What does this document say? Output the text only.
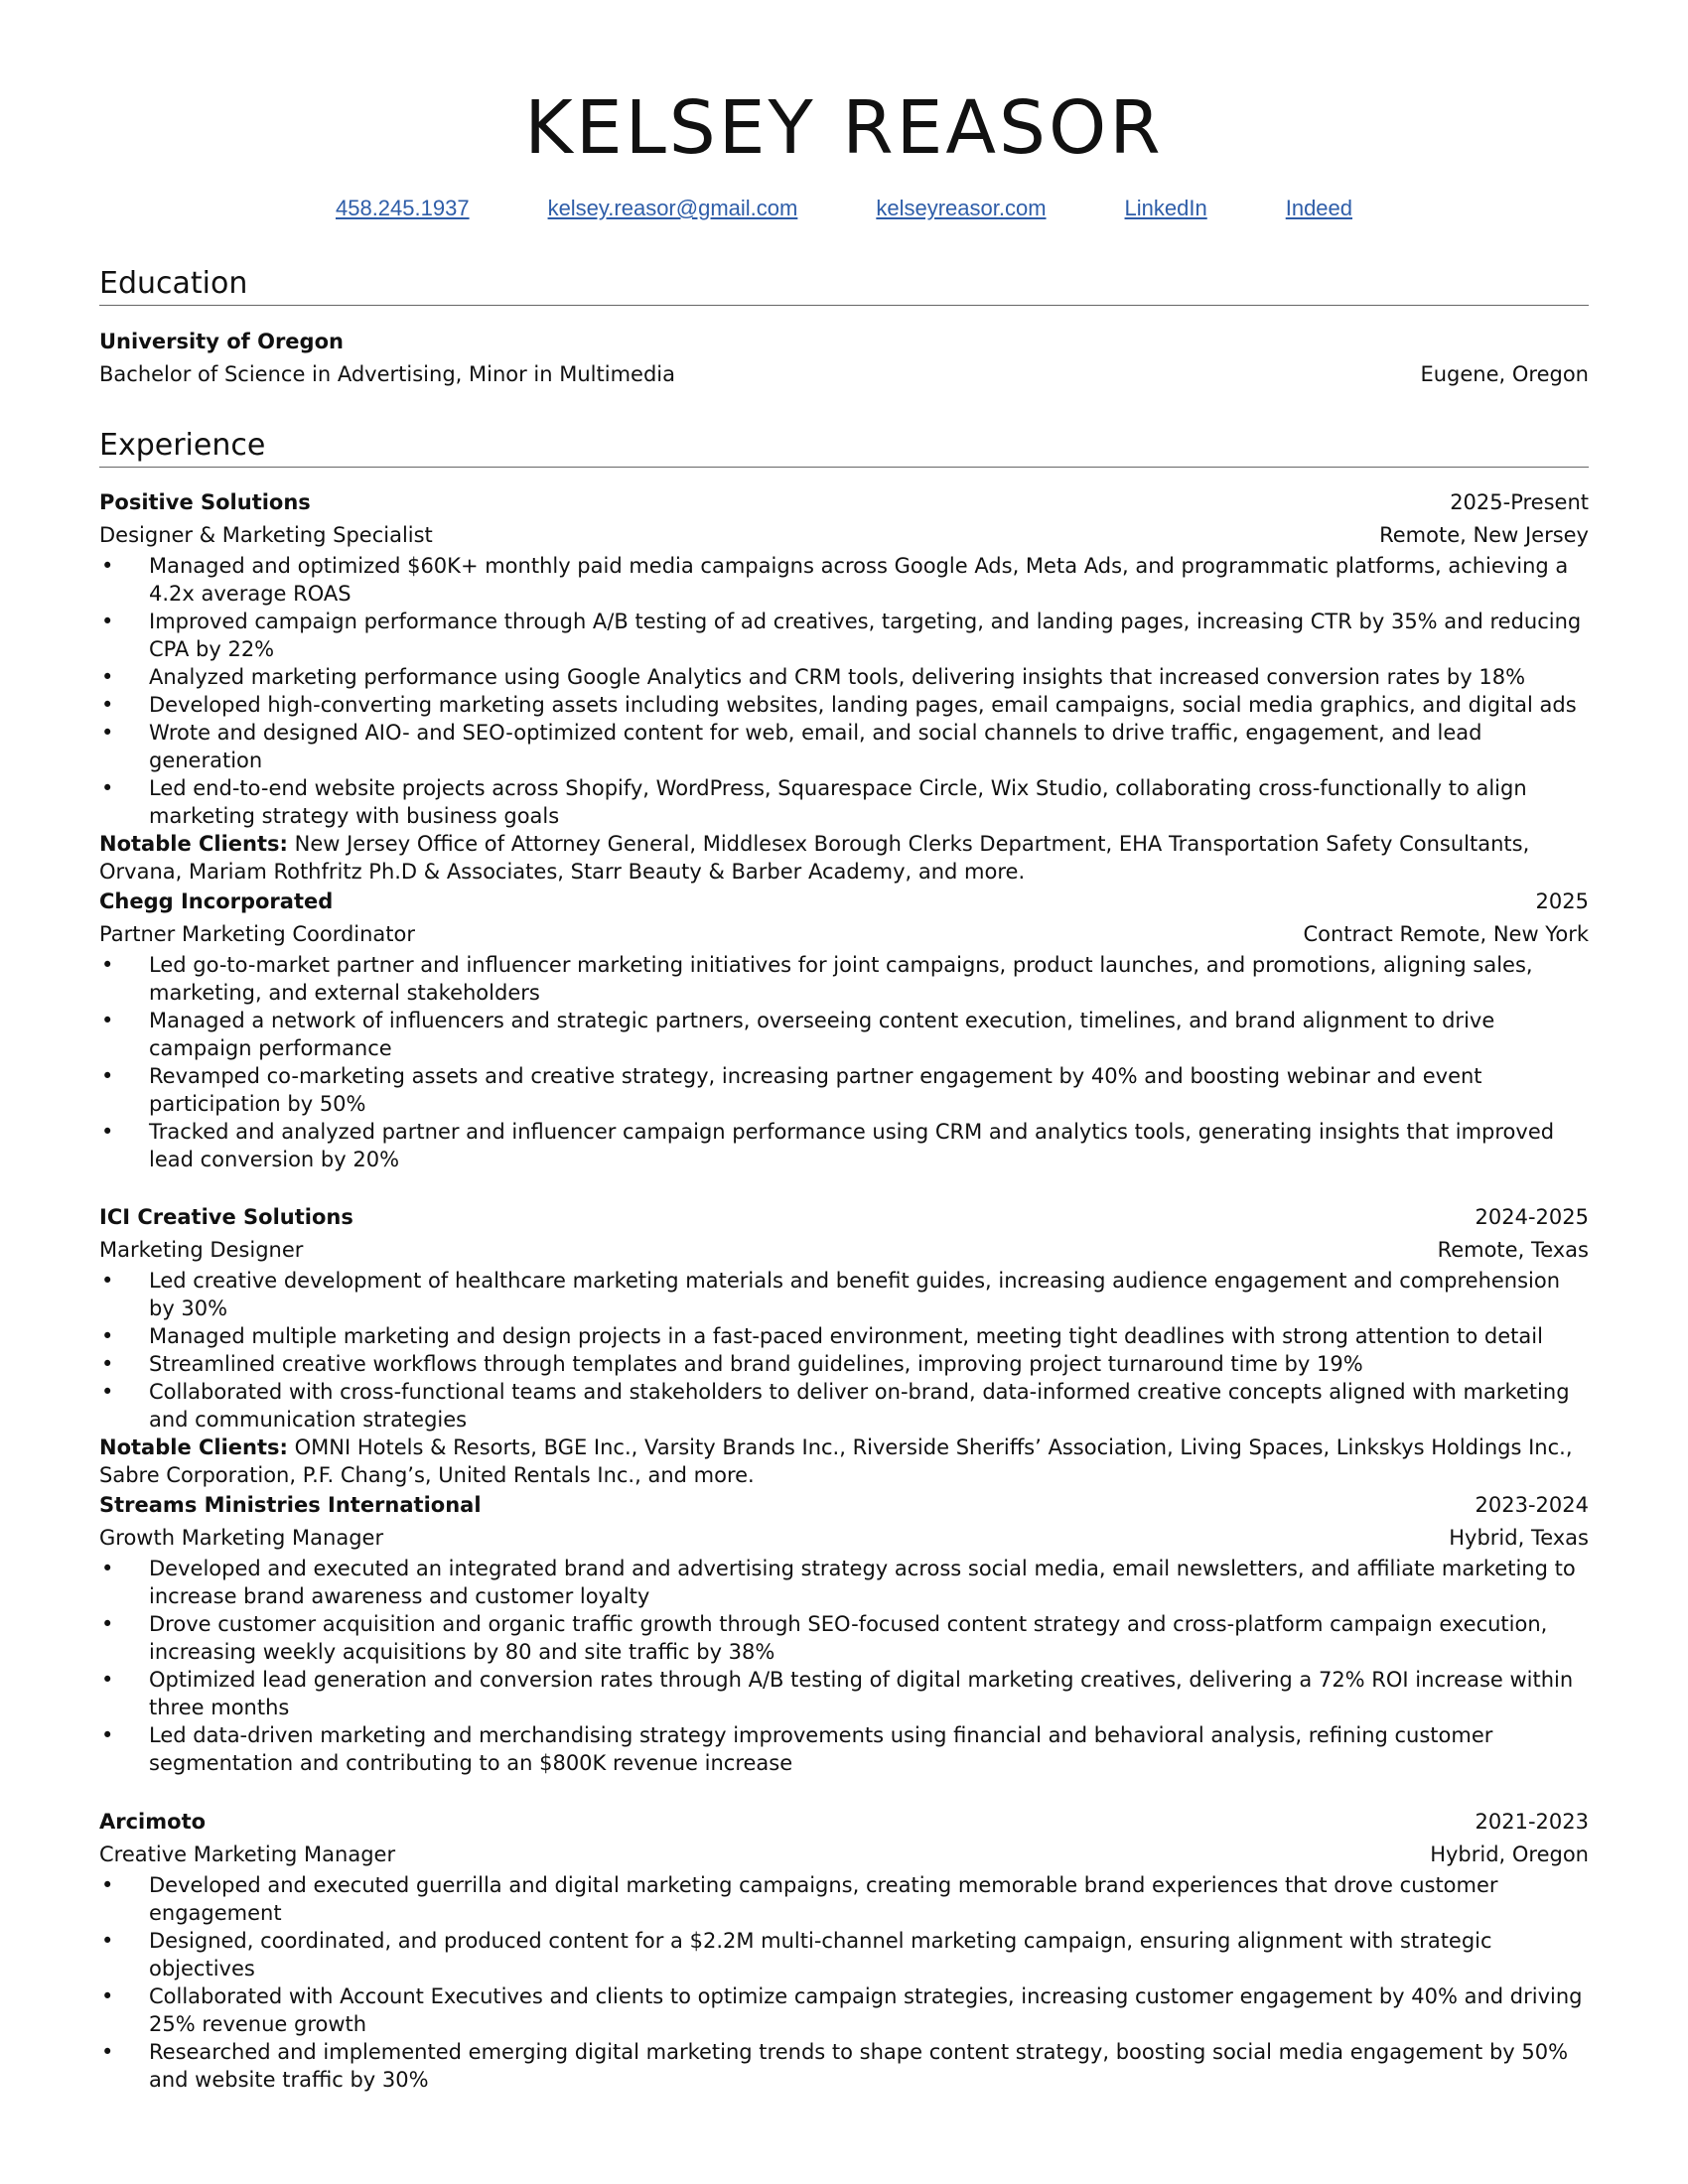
KELSEY REASOR
458.245.1937	kelsey.reasor@gmail.com	kelseyreasor.com	LinkedIn	Indeed
Education
University of Oregon
Bachelor of Science in Advertising, Minor in Multimedia	Eugene, Oregon
Experience
Positive Solutions	2025-Present
Designer & Marketing Specialist	Remote, New Jersey
• Managed and optimized $60K+ monthly paid media campaigns across Google Ads, Meta Ads, and programmatic platforms, achieving a 4.2x average ROAS
• Improved campaign performance through A/B testing of ad creatives, targeting, and landing pages, increasing CTR by 35% and reducing CPA by 22%
• Analyzed marketing performance using Google Analytics and CRM tools, delivering insights that increased conversion rates by 18%
• Developed high-converting marketing assets including websites, landing pages, email campaigns, social media graphics, and digital ads
• Wrote and designed AIO- and SEO-optimized content for web, email, and social channels to drive traffic, engagement, and lead generation
• Led end-to-end website projects across Shopify, WordPress, Squarespace Circle, Wix Studio, collaborating cross-functionally to align marketing strategy with business goals
Notable Clients: New Jersey Office of Attorney General, Middlesex Borough Clerks Department, EHA Transportation Safety Consultants, Orvana, Mariam Rothfritz Ph.D & Associates, Starr Beauty & Barber Academy, and more.
Chegg Incorporated	2025
Partner Marketing Coordinator	Contract Remote, New York
• Led go-to-market partner and influencer marketing initiatives for joint campaigns, product launches, and promotions, aligning sales, marketing, and external stakeholders
• Managed a network of influencers and strategic partners, overseeing content execution, timelines, and brand alignment to drive campaign performance
• Revamped co-marketing assets and creative strategy, increasing partner engagement by 40% and boosting webinar and event participation by 50%
• Tracked and analyzed partner and influencer campaign performance using CRM and analytics tools, generating insights that improved lead conversion by 20%
ICI Creative Solutions	2024-2025
Marketing Designer	Remote, Texas
• Led creative development of healthcare marketing materials and benefit guides, increasing audience engagement and comprehension by 30%
• Managed multiple marketing and design projects in a fast-paced environment, meeting tight deadlines with strong attention to detail
• Streamlined creative workflows through templates and brand guidelines, improving project turnaround time by 19%
• Collaborated with cross-functional teams and stakeholders to deliver on-brand, data-informed creative concepts aligned with marketing and communication strategies
Notable Clients: OMNI Hotels & Resorts, BGE Inc., Varsity Brands Inc., Riverside Sheriffs’ Association, Living Spaces, Linkskys Holdings Inc., Sabre Corporation, P.F. Chang’s, United Rentals Inc., and more.
Streams Ministries International	2023-2024
Growth Marketing Manager	Hybrid, Texas
• Developed and executed an integrated brand and advertising strategy across social media, email newsletters, and affiliate marketing to increase brand awareness and customer loyalty
• Drove customer acquisition and organic traffic growth through SEO-focused content strategy and cross-platform campaign execution, increasing weekly acquisitions by 80 and site traffic by 38%
• Optimized lead generation and conversion rates through A/B testing of digital marketing creatives, delivering a 72% ROI increase within three months
• Led data-driven marketing and merchandising strategy improvements using financial and behavioral analysis, refining customer segmentation and contributing to an $800K revenue increase
Arcimoto	2021-2023
Creative Marketing Manager	Hybrid, Oregon
• Developed and executed guerrilla and digital marketing campaigns, creating memorable brand experiences that drove customer engagement
• Designed, coordinated, and produced content for a $2.2M multi-channel marketing campaign, ensuring alignment with strategic objectives
• Collaborated with Account Executives and clients to optimize campaign strategies, increasing customer engagement by 40% and driving 25% revenue growth
• Researched and implemented emerging digital marketing trends to shape content strategy, boosting social media engagement by 50% and website traffic by 30%
